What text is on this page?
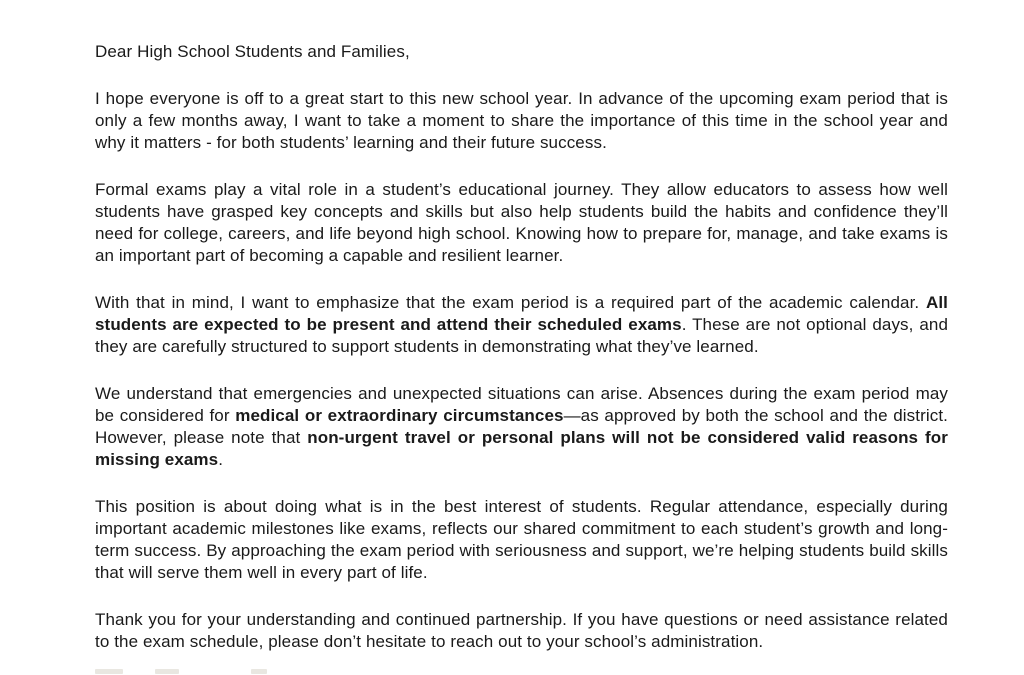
Dear High School Students and Families,

I hope everyone is off to a great start to this new school year. In advance of the upcoming exam period that is only a few months away, I want to take a moment to share the importance of this time in the school year and why it matters - for both students’ learning and their future success.

Formal exams play a vital role in a student’s educational journey. They allow educators to assess how well students have grasped key concepts and skills but also help students build the habits and confidence they’ll need for college, careers, and life beyond high school. Knowing how to prepare for, manage, and take exams is an important part of becoming a capable and resilient learner.

With that in mind, I want to emphasize that the exam period is a required part of the academic calendar. All students are expected to be present and attend their scheduled exams. These are not optional days, and they are carefully structured to support students in demonstrating what they’ve learned.

We understand that emergencies and unexpected situations can arise. Absences during the exam period may be considered for medical or extraordinary circumstances—as approved by both the school and the district. However, please note that non-urgent travel or personal plans will not be considered valid reasons for missing exams.

This position is about doing what is in the best interest of students. Regular attendance, especially during important academic milestones like exams, reflects our shared commitment to each student’s growth and long-term success. By approaching the exam period with seriousness and support, we’re helping students build skills that will serve them well in every part of life.

Thank you for your understanding and continued partnership. If you have questions or need assistance related to the exam schedule, please don’t hesitate to reach out to your school’s administration.
